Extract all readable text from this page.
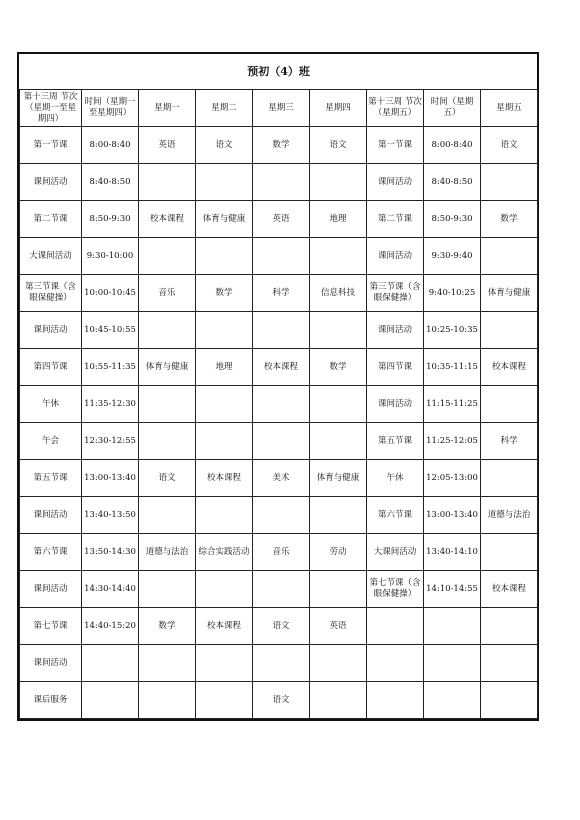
预初（4）班								
第十三周 节次（星期一至星期四）	时间（星期一至星期四）	星期一	星期二	星期三	星期四	第十三周 节次（星期五）	时间（星期五）	星期五
第一节课	8:00-8:40	英语	语文	数学	语文	第一节课	8:00-8:40	语文
课间活动	8:40-8:50					课间活动	8:40-8:50	
第二节课	8:50-9:30	校本课程	体育与健康	英语	地理	第二节课	8:50-9:30	数学
大课间活动	9:30-10:00					课间活动	9:30-9:40	
第三节课（含眼保健操）	10:00-10:45	音乐	数学	科学	信息科技	第三节课（含眼保健操）	9:40-10:25	体育与健康
课间活动	10:45-10:55					课间活动	10:25-10:35	
第四节课	10:55-11:35	体育与健康	地理	校本课程	数学	第四节课	10:35-11:15	校本课程
午休	11:35-12:30					课间活动	11:15-11:25	
午会	12:30-12:55					第五节课	11:25-12:05	科学
第五节课	13:00-13:40	语文	校本课程	美术	体育与健康	午休	12:05-13:00	
课间活动	13:40-13:50					第六节课	13:00-13:40	道德与法治
第六节课	13:50-14:30	道德与法治	综合实践活动	音乐	劳动	大课间活动	13:40-14:10	
课间活动	14:30-14:40					第七节课（含眼保健操）	14:10-14:55	校本课程
第七节课	14:40-15:20	数学	校本课程	语文	英语			
课间活动								
课后服务				语文				
